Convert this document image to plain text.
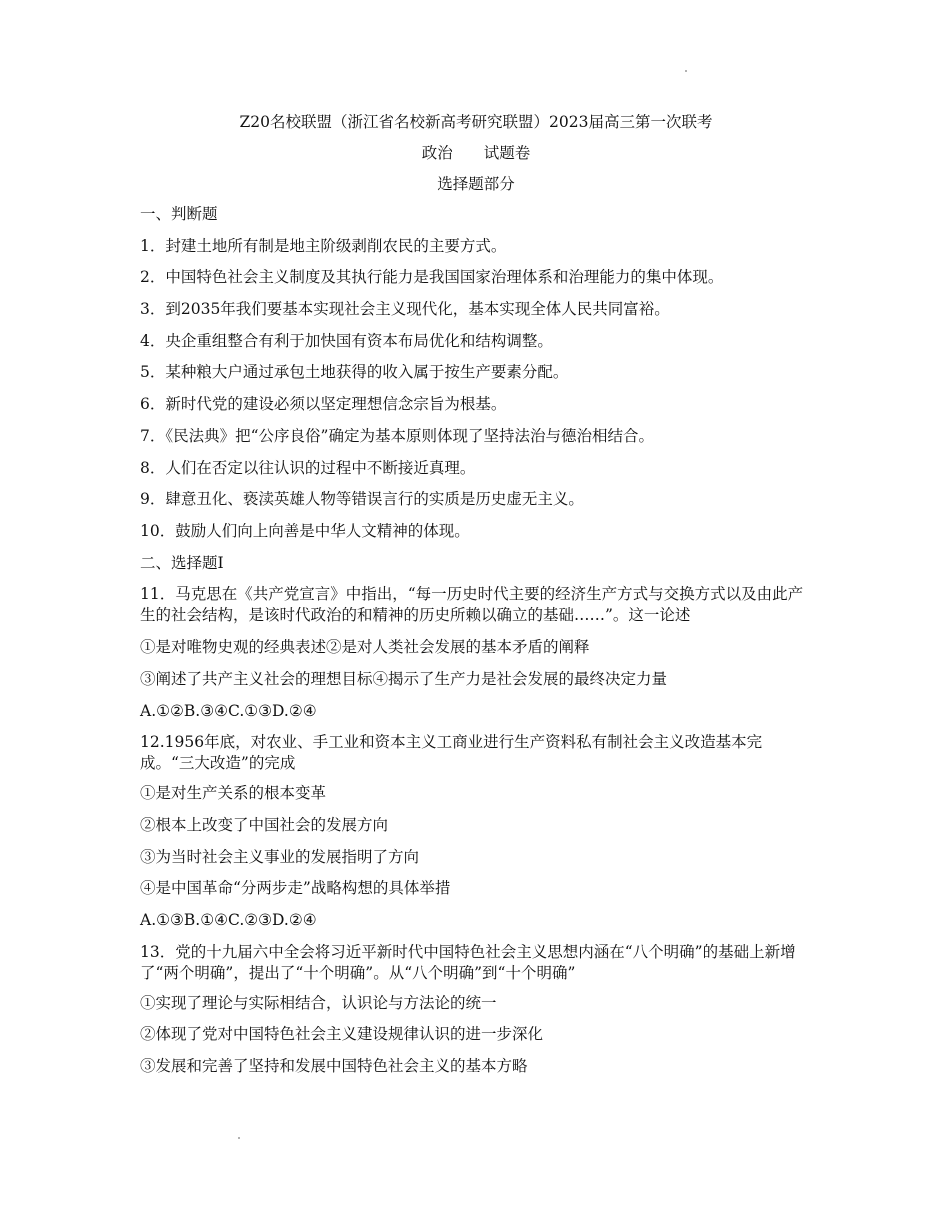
Z20名校联盟（浙江省名校新高考研究联盟）2023届高三第一次联考

政治　　试题卷

选择题部分

一、判断题

1．封建土地所有制是地主阶级剥削农民的主要方式。

2．中国特色社会主义制度及其执行能力是我国国家治理体系和治理能力的集中体现。

3．到2035年我们要基本实现社会主义现代化，基本实现全体人民共同富裕。

4．央企重组整合有利于加快国有资本布局优化和结构调整。

5．某种粮大户通过承包土地获得的收入属于按生产要素分配。

6．新时代党的建设必须以坚定理想信念宗旨为根基。

7．《民法典》把“公序良俗”确定为基本原则体现了坚持法治与德治相结合。

8．人们在否定以往认识的过程中不断接近真理。

9．肆意丑化、亵渎英雄人物等错误言行的实质是历史虚无主义。

10．鼓励人们向上向善是中华人文精神的体现。

二、选择题Ⅰ

11．马克思在《共产党宣言》中指出，“每一历史时代主要的经济生产方式与交换方式以及由此产生的社会结构，是该时代政治的和精神的历史所赖以确立的基础……”。这一论述

①是对唯物史观的经典表述②是对人类社会发展的基本矛盾的阐释

③阐述了共产主义社会的理想目标④揭示了生产力是社会发展的最终决定力量

A.①②B.③④C.①③D.②④

12.1956年底，对农业、手工业和资本主义工商业进行生产资料私有制社会主义改造基本完成。“三大改造”的完成

①是对生产关系的根本变革

②根本上改变了中国社会的发展方向

③为当时社会主义事业的发展指明了方向

④是中国革命“分两步走”战略构想的具体举措

A.①③B.①④C.②③D.②④

13．党的十九届六中全会将习近平新时代中国特色社会主义思想内涵在“八个明确”的基础上新增了“两个明确”，提出了“十个明确”。从“八个明确”到“十个明确”

①实现了理论与实际相结合，认识论与方法论的统一

②体现了党对中国特色社会主义建设规律认识的进一步深化

③发展和完善了坚持和发展中国特色社会主义的基本方略
